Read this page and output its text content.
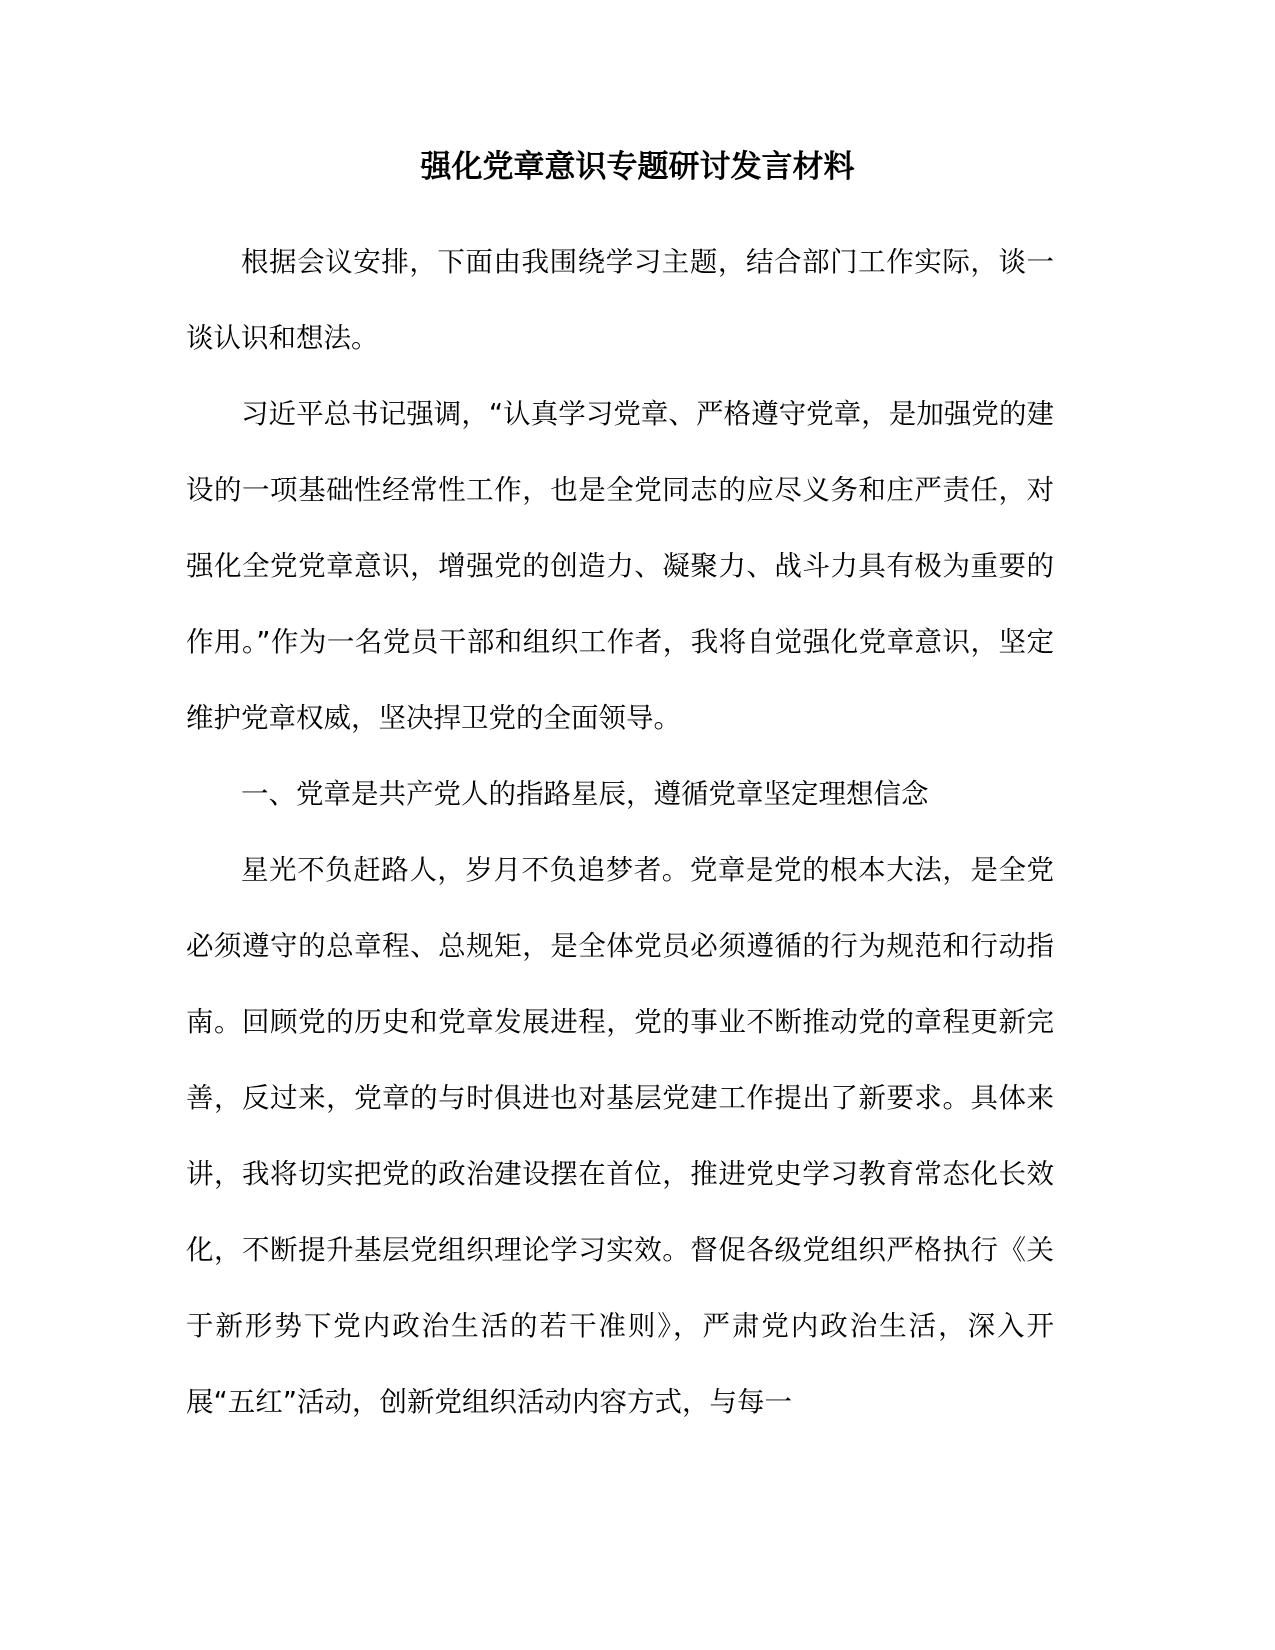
强化党章意识专题研讨发言材料

根据会议安排，下面由我围绕学习主题，结合部门工作实际，谈一谈认识和想法。

习近平总书记强调，“认真学习党章、严格遵守党章，是加强党的建设的一项基础性经常性工作，也是全党同志的应尽义务和庄严责任，对强化全党党章意识，增强党的创造力、凝聚力、战斗力具有极为重要的作用。”作为一名党员干部和组织工作者，我将自觉强化党章意识，坚定维护党章权威，坚决捍卫党的全面领导。

一、党章是共产党人的指路星辰，遵循党章坚定理想信念

星光不负赶路人，岁月不负追梦者。党章是党的根本大法，是全党必须遵守的总章程、总规矩，是全体党员必须遵循的行为规范和行动指南。回顾党的历史和党章发展进程，党的事业不断推动党的章程更新完善，反过来，党章的与时俱进也对基层党建工作提出了新要求。具体来讲，我将切实把党的政治建设摆在首位，推进党史学习教育常态化长效化，不断提升基层党组织理论学习实效。督促各级党组织严格执行《关于新形势下党内政治生活的若干准则》，严肃党内政治生活，深入开展“五红”活动，创新党组织活动内容方式，与每一
